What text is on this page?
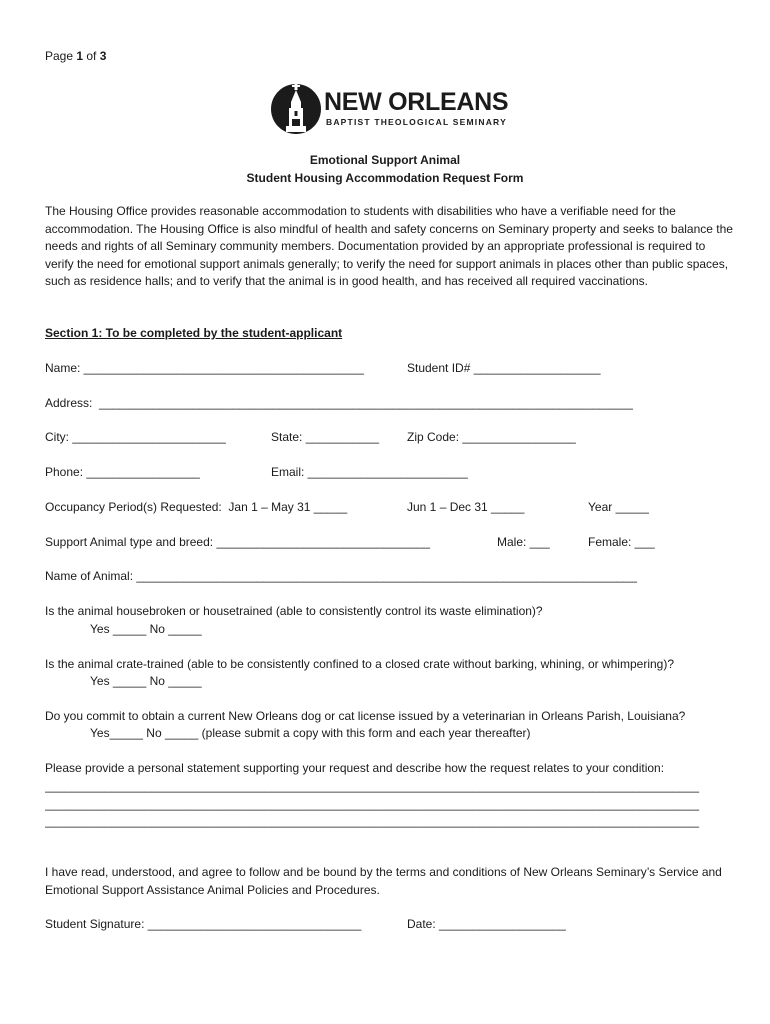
Page 1 of 3

NEW ORLEANS

BAPTIST THEOLOGICAL SEMINARY

Emotional Support Animal
Student Housing Accommodation Request Form
The Housing Office provides reasonable accommodation to students with disabilities who have a verifiable need for the accommodation. The Housing Office is also mindful of health and safety concerns on Seminary property and seeks to balance the needs and rights of all Seminary community members. Documentation provided by an appropriate professional is required to verify the need for emotional support animals generally; to verify the need for support animals in places other than public spaces, such as residence halls; and to verify that the animal is in good health, and has received all required vaccinations.
Section 1: To be completed by the student-applicant
Name: __________________________________________	Student ID# ___________________
Address:  ________________________________________________________________________________
City: _______________________	State: ___________ Zip Code: _________________
Phone: _________________	Email: ________________________
Occupancy Period(s) Requested:  Jan 1 – May 31 _____	Jun 1 – Dec 31 _____	Year _____
Support Animal type and breed: ________________________________	Male: ___	Female: ___
Name of Animal: ___________________________________________________________________________
Is the animal housebroken or housetrained (able to consistently control its waste elimination)?
Yes _____ No _____
Is the animal crate-trained (able to be consistently confined to a closed crate without barking, whining, or whimpering)?
Yes _____ No _____
Do you commit to obtain a current New Orleans dog or cat license issued by a veterinarian in Orleans Parish, Louisiana?
Yes_____ No _____ (please submit a copy with this form and each year thereafter)
Please provide a personal statement supporting your request and describe how the request relates to your condition:
__________________________________________________________________________________________________
__________________________________________________________________________________________________
__________________________________________________________________________________________________
I have read, understood, and agree to follow and be bound by the terms and conditions of New Orleans Seminary’s Service and Emotional Support Assistance Animal Policies and Procedures.
Student Signature: ________________________________	Date: ___________________
